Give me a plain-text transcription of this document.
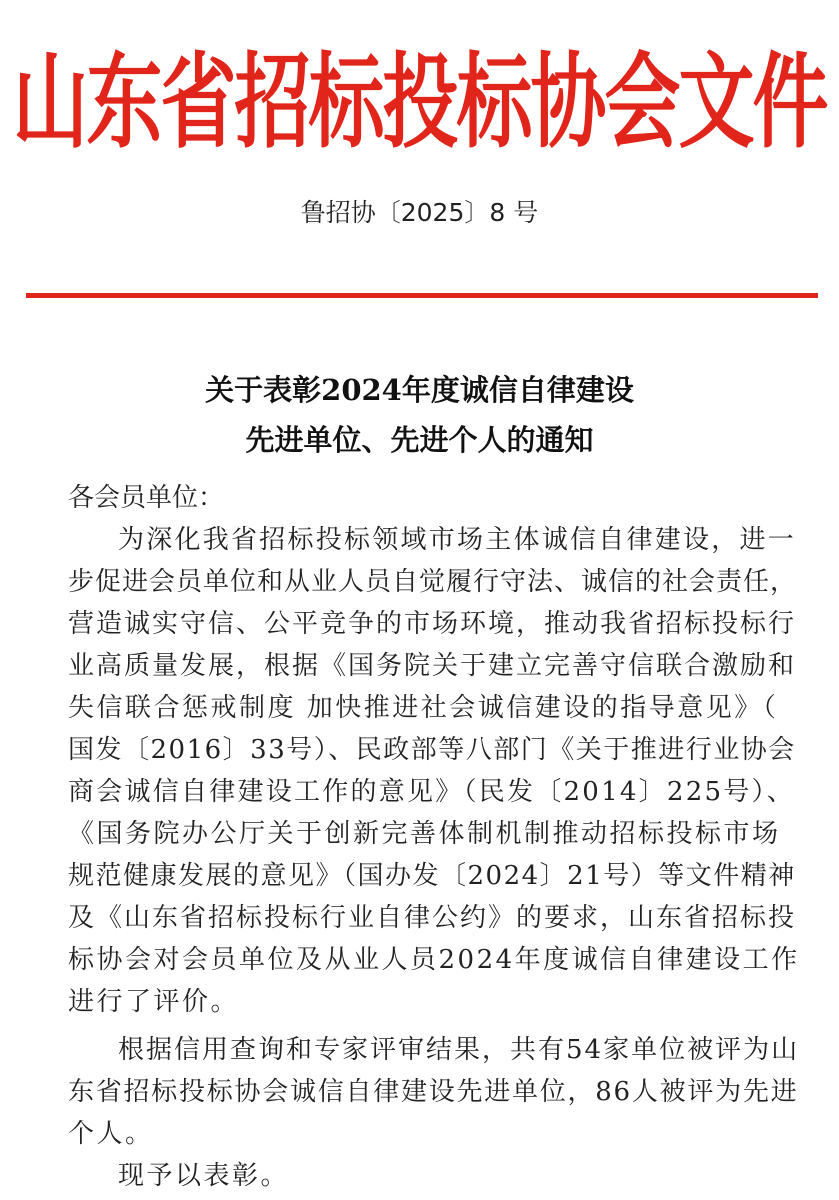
山东省招标投标协会文件
鲁招协〔2025〕8 号
关于表彰2024年度诚信自律建设
先进单位、先进个人的通知
各会员单位：
为深化我省招标投标领域市场主体诚信自律建设，进一
步促进会员单位和从业人员自觉履行守法、诚信的社会责任，
营造诚实守信、公平竞争的市场环境，推动我省招标投标行
业高质量发展，根据《国务院关于建立完善守信联合激励和
失信联合惩戒制度 加快推进社会诚信建设的指导意见》（
国发〔2016〕33号）、民政部等八部门《关于推进行业协会
商会诚信自律建设工作的意见》（民发〔2014〕225号）、
《国务院办公厅关于创新完善体制机制推动招标投标市场
规范健康发展的意见》（国办发〔2024〕21号）等文件精神
及《山东省招标投标行业自律公约》的要求，山东省招标投
标协会对会员单位及从业人员2024年度诚信自律建设工作
进行了评价。
根据信用查询和专家评审结果，共有54家单位被评为山
东省招标投标协会诚信自律建设先进单位，86人被评为先进
个人。
现予以表彰。
